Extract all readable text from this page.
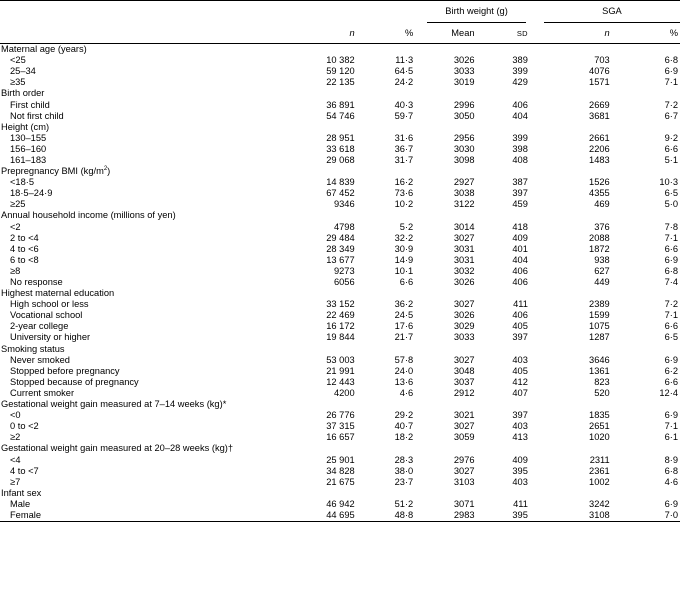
			Birth weight (g)		SGA	

	n	%	Mean	SD	n	%
Maternal age (years)						
<25	10 382	11·3	3026	389	703	6·8
25–34	59 120	64·5	3033	399	4076	6·9
≥35	22 135	24·2	3019	429	1571	7·1
Birth order						
First child	36 891	40·3	2996	406	2669	7·2
Not first child	54 746	59·7	3050	404	3681	6·7
Height (cm)						
130–155	28 951	31·6	2956	399	2661	9·2
156–160	33 618	36·7	3030	398	2206	6·6
161–183	29 068	31·7	3098	408	1483	5·1
Prepregnancy BMI $(kg/m^2)$						
<18·5	14 839	16·2	2927	387	1526	10·3
18·5–24·9	67 452	73·6	3038	397	4355	6·5
≥25	9346	10·2	3122	459	469	5·0
Annual household income (millions of yen)						
<2	4798	5·2	3014	418	376	7·8
2 to <4	29 484	32·2	3027	409	2088	7·1
4 to <6	28 349	30·9	3031	401	1872	6·6
6 to <8	13 677	14·9	3031	404	938	6·9
≥8	9273	10·1	3032	406	627	6·8
No response	6056	6·6	3026	406	449	7·4
Highest maternal education						
High school or less	33 152	36·2	3027	411	2389	7·2
Vocational school	22 469	24·5	3026	406	1599	7·1
2-year college	16 172	17·6	3029	405	1075	6·6
University or higher	19 844	21·7	3033	397	1287	6·5
Smoking status						
Never smoked	53 003	57·8	3027	403	3646	6·9
Stopped before pregnancy	21 991	24·0	3048	405	1361	6·2
Stopped because of pregnancy	12 443	13·6	3037	412	823	6·6
Current smoker	4200	4·6	2912	407	520	12·4
Gestational weight gain measured at 7–14 weeks (kg)*						
<0	26 776	29·2	3021	397	1835	6·9
0 to <2	37 315	40·7	3027	403	2651	7·1
≥2	16 657	18·2	3059	413	1020	6·1
Gestational weight gain measured at 20–28 weeks (kg)†						
<4	25 901	28·3	2976	409	2311	8·9
4 to <7	34 828	38·0	3027	395	2361	6·8
≥7	21 675	23·7	3103	403	1002	4·6
Infant sex						
Male	46 942	51·2	3071	411	3242	6·9
Female	44 695	48·8	2983	395	3108	7·0
